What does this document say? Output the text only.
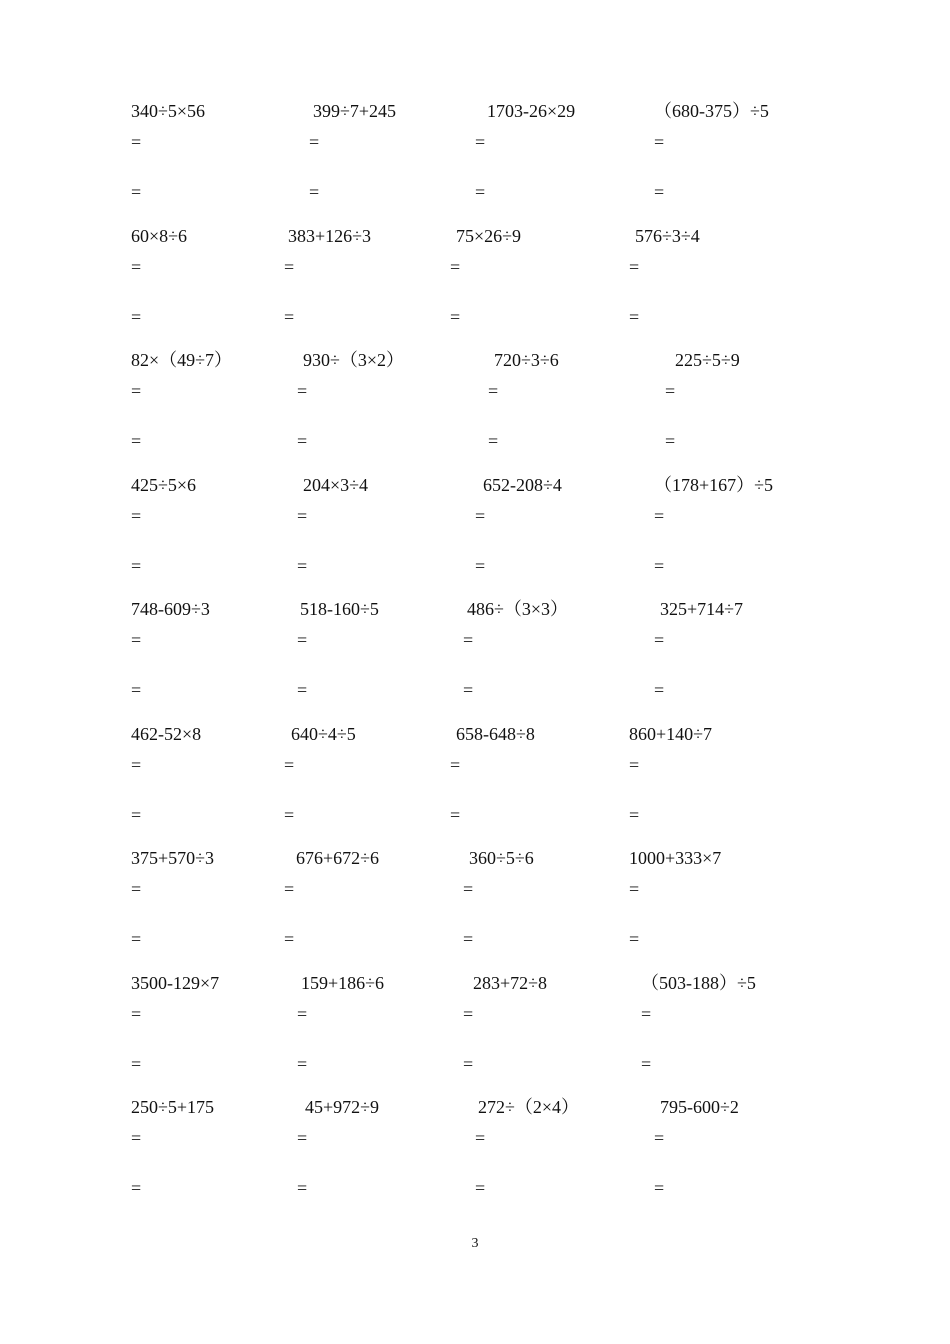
340÷5×56
=
=
399÷7+245
=
=
1703-26×29
=
=
（680-375）÷5
=
=
60×8÷6
=
=
383+126÷3
=
=
75×26÷9
=
=
576÷3÷4
=
=
82×（49÷7）
=
=
930÷（3×2）
=
=
720÷3÷6
=
=
225÷5÷9
=
=
425÷5×6
=
=
204×3÷4
=
=
652-208÷4
=
=
（178+167）÷5
=
=
748-609÷3
=
=
518-160÷5
=
=
486÷（3×3）
=
=
325+714÷7
=
=
462-52×8
=
=
640÷4÷5
=
=
658-648÷8
=
=
860+140÷7
=
=
375+570÷3
=
=
676+672÷6
=
=
360÷5÷6
=
=
1000+333×7
=
=
3500-129×7
=
=
159+186÷6
=
=
283+72÷8
=
=
（503-188）÷5
=
=
250÷5+175
=
=
45+972÷9
=
=
272÷（2×4）
=
=
795-600÷2
=
=
3
